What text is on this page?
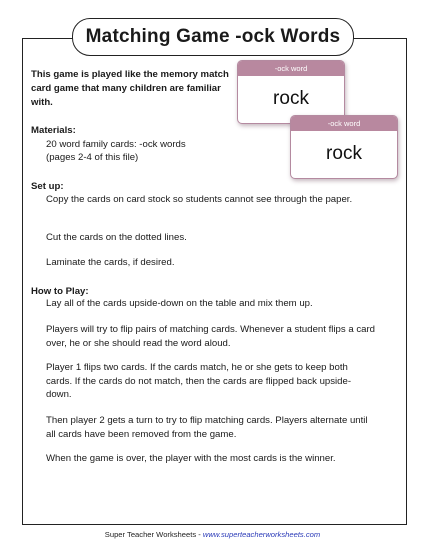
Matching Game -ock Words
This game is played like the memory match card game that many children are familiar with.
-ock word
rock
-ock word
rock
Materials:
20 word family cards: -ock words
(pages 2-4 of this file)
Set up:
Copy the cards on card stock so students cannot see through the paper.
Cut the cards on the dotted lines.
Laminate the cards, if desired.
How to Play:
Lay all of the cards upside-down on the table and mix them up.
Players will try to flip pairs of matching cards. Whenever a student flips a card over, he or she should read the word aloud.
Player 1 flips two cards. If the cards match, he or she gets to keep both cards. If the cards do not match, then the cards are flipped back upside-down.
Then player 2 gets a turn to try to flip matching cards. Players alternate until all cards have been removed from the game.
When the game is over, the player with the most cards is the winner.
Super Teacher Worksheets - www.superteacherworksheets.com
